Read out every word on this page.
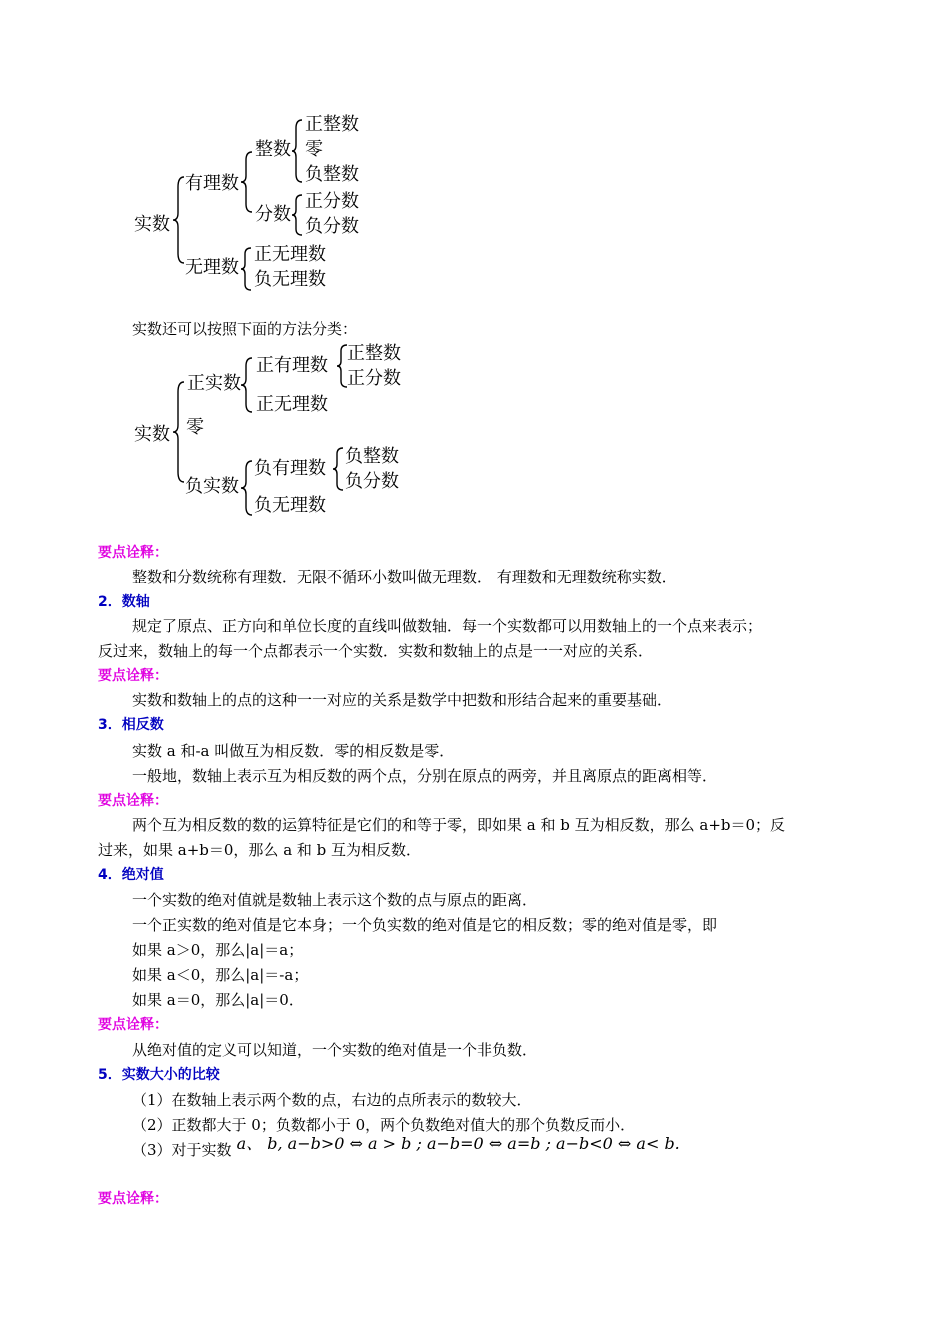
实数
有理数
整数
正整数
零
负整数
分数
正分数
负分数
无理数
正无理数
负无理数
实数还可以按照下面的方法分类：
实数
正实数
正有理数
正整数
正分数
正无理数
零
负实数
负有理数
负整数
负分数
负无理数
要点诠释：
整数和分数统称有理数．无限不循环小数叫做无理数． 有理数和无理数统称实数．
2．数轴
规定了原点、正方向和单位长度的直线叫做数轴．每一个实数都可以用数轴上的一个点来表示；
反过来，数轴上的每一个点都表示一个实数．实数和数轴上的点是一一对应的关系．
要点诠释：
实数和数轴上的点的这种一一对应的关系是数学中把数和形结合起来的重要基础．
3．相反数
实数 a 和-a 叫做互为相反数．零的相反数是零．
一般地，数轴上表示互为相反数的两个点，分别在原点的两旁，并且离原点的距离相等．
要点诠释：
两个互为相反数的数的运算特征是它们的和等于零，即如果 a 和 b 互为相反数，那么 a+b＝0；反
过来，如果 a+b＝0，那么 a 和 b 互为相反数．
4．绝对值
一个实数的绝对值就是数轴上表示这个数的点与原点的距离．
一个正实数的绝对值是它本身；一个负实数的绝对值是它的相反数；零的绝对值是零，即
如果 a＞0，那么|a|＝a；
如果 a＜0，那么|a|＝-a；
如果 a＝0，那么|a|＝0．
要点诠释：
从绝对值的定义可以知道，一个实数的绝对值是一个非负数．
5．实数大小的比较
（1）在数轴上表示两个数的点，右边的点所表示的数较大．
（2）正数都大于 0；负数都小于 0，两个负数绝对值大的那个负数反而小．
（3）对于实数 a、 b, a−b>0 ⇔ a > b ; a−b=0 ⇔ a=b ; a−b<0 ⇔ a< b.
要点诠释：
